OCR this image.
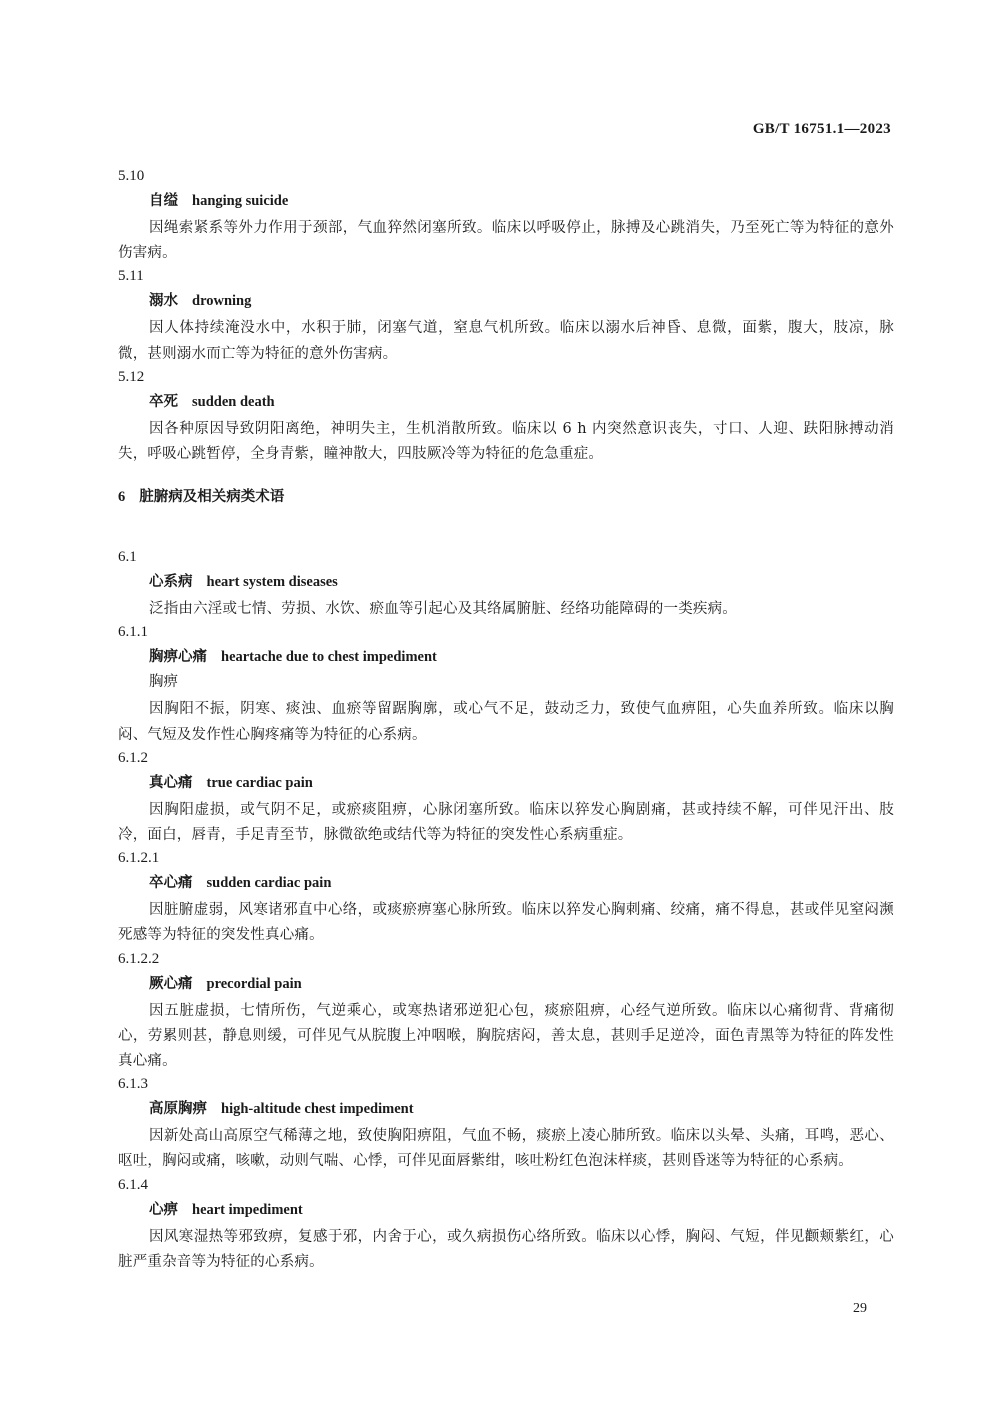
GB/T 16751.1—2023
5.10
自缢 hanging suicide
因绳索紧系等外力作用于颈部，气血猝然闭塞所致。临床以呼吸停止，脉搏及心跳消失，乃至死亡等为特征的意外伤害病。
5.11
溺水 drowning
因人体持续淹没水中，水积于肺，闭塞气道，窒息气机所致。临床以溺水后神昏、息微，面紫，腹大，肢凉，脉微，甚则溺水而亡等为特征的意外伤害病。
5.12
卒死 sudden death
因各种原因导致阴阳离绝，神明失主，生机消散所致。临床以 6 h 内突然意识丧失，寸口、人迎、趺阳脉搏动消失，呼吸心跳暂停，全身青紫，瞳神散大，四肢厥冷等为特征的危急重症。
6 脏腑病及相关病类术语
6.1
心系病 heart system diseases
泛指由六淫或七情、劳损、水饮、瘀血等引起心及其络属腑脏、经络功能障碍的一类疾病。
6.1.1
胸痹心痛 heartache due to chest impediment
胸痹
因胸阳不振，阴寒、痰浊、血瘀等留踞胸廓，或心气不足，鼓动乏力，致使气血痹阻，心失血养所致。临床以胸闷、气短及发作性心胸疼痛等为特征的心系病。
6.1.2
真心痛 true cardiac pain
因胸阳虚损，或气阴不足，或瘀痰阻痹，心脉闭塞所致。临床以猝发心胸剧痛，甚或持续不解，可伴见汗出、肢冷，面白，唇青，手足青至节，脉微欲绝或结代等为特征的突发性心系病重症。
6.1.2.1
卒心痛 sudden cardiac pain
因脏腑虚弱，风寒诸邪直中心络，或痰瘀痹塞心脉所致。临床以猝发心胸刺痛、绞痛，痛不得息，甚或伴见窒闷濒死感等为特征的突发性真心痛。
6.1.2.2
厥心痛 precordial pain
因五脏虚损，七情所伤，气逆乘心，或寒热诸邪逆犯心包，痰瘀阻痹，心经气逆所致。临床以心痛彻背、背痛彻心，劳累则甚，静息则缓，可伴见气从脘腹上冲咽喉，胸脘痞闷，善太息，甚则手足逆冷，面色青黑等为特征的阵发性真心痛。
6.1.3
高原胸痹 high-altitude chest impediment
因新处高山高原空气稀薄之地，致使胸阳痹阻，气血不畅，痰瘀上凌心肺所致。临床以头晕、头痛，耳鸣，恶心、呕吐，胸闷或痛，咳嗽，动则气喘、心悸，可伴见面唇紫绀，咳吐粉红色泡沫样痰，甚则昏迷等为特征的心系病。
6.1.4
心痹 heart impediment
因风寒湿热等邪致痹，复感于邪，内舍于心，或久病损伤心络所致。临床以心悸，胸闷、气短，伴见颧颊紫红，心脏严重杂音等为特征的心系病。
29
